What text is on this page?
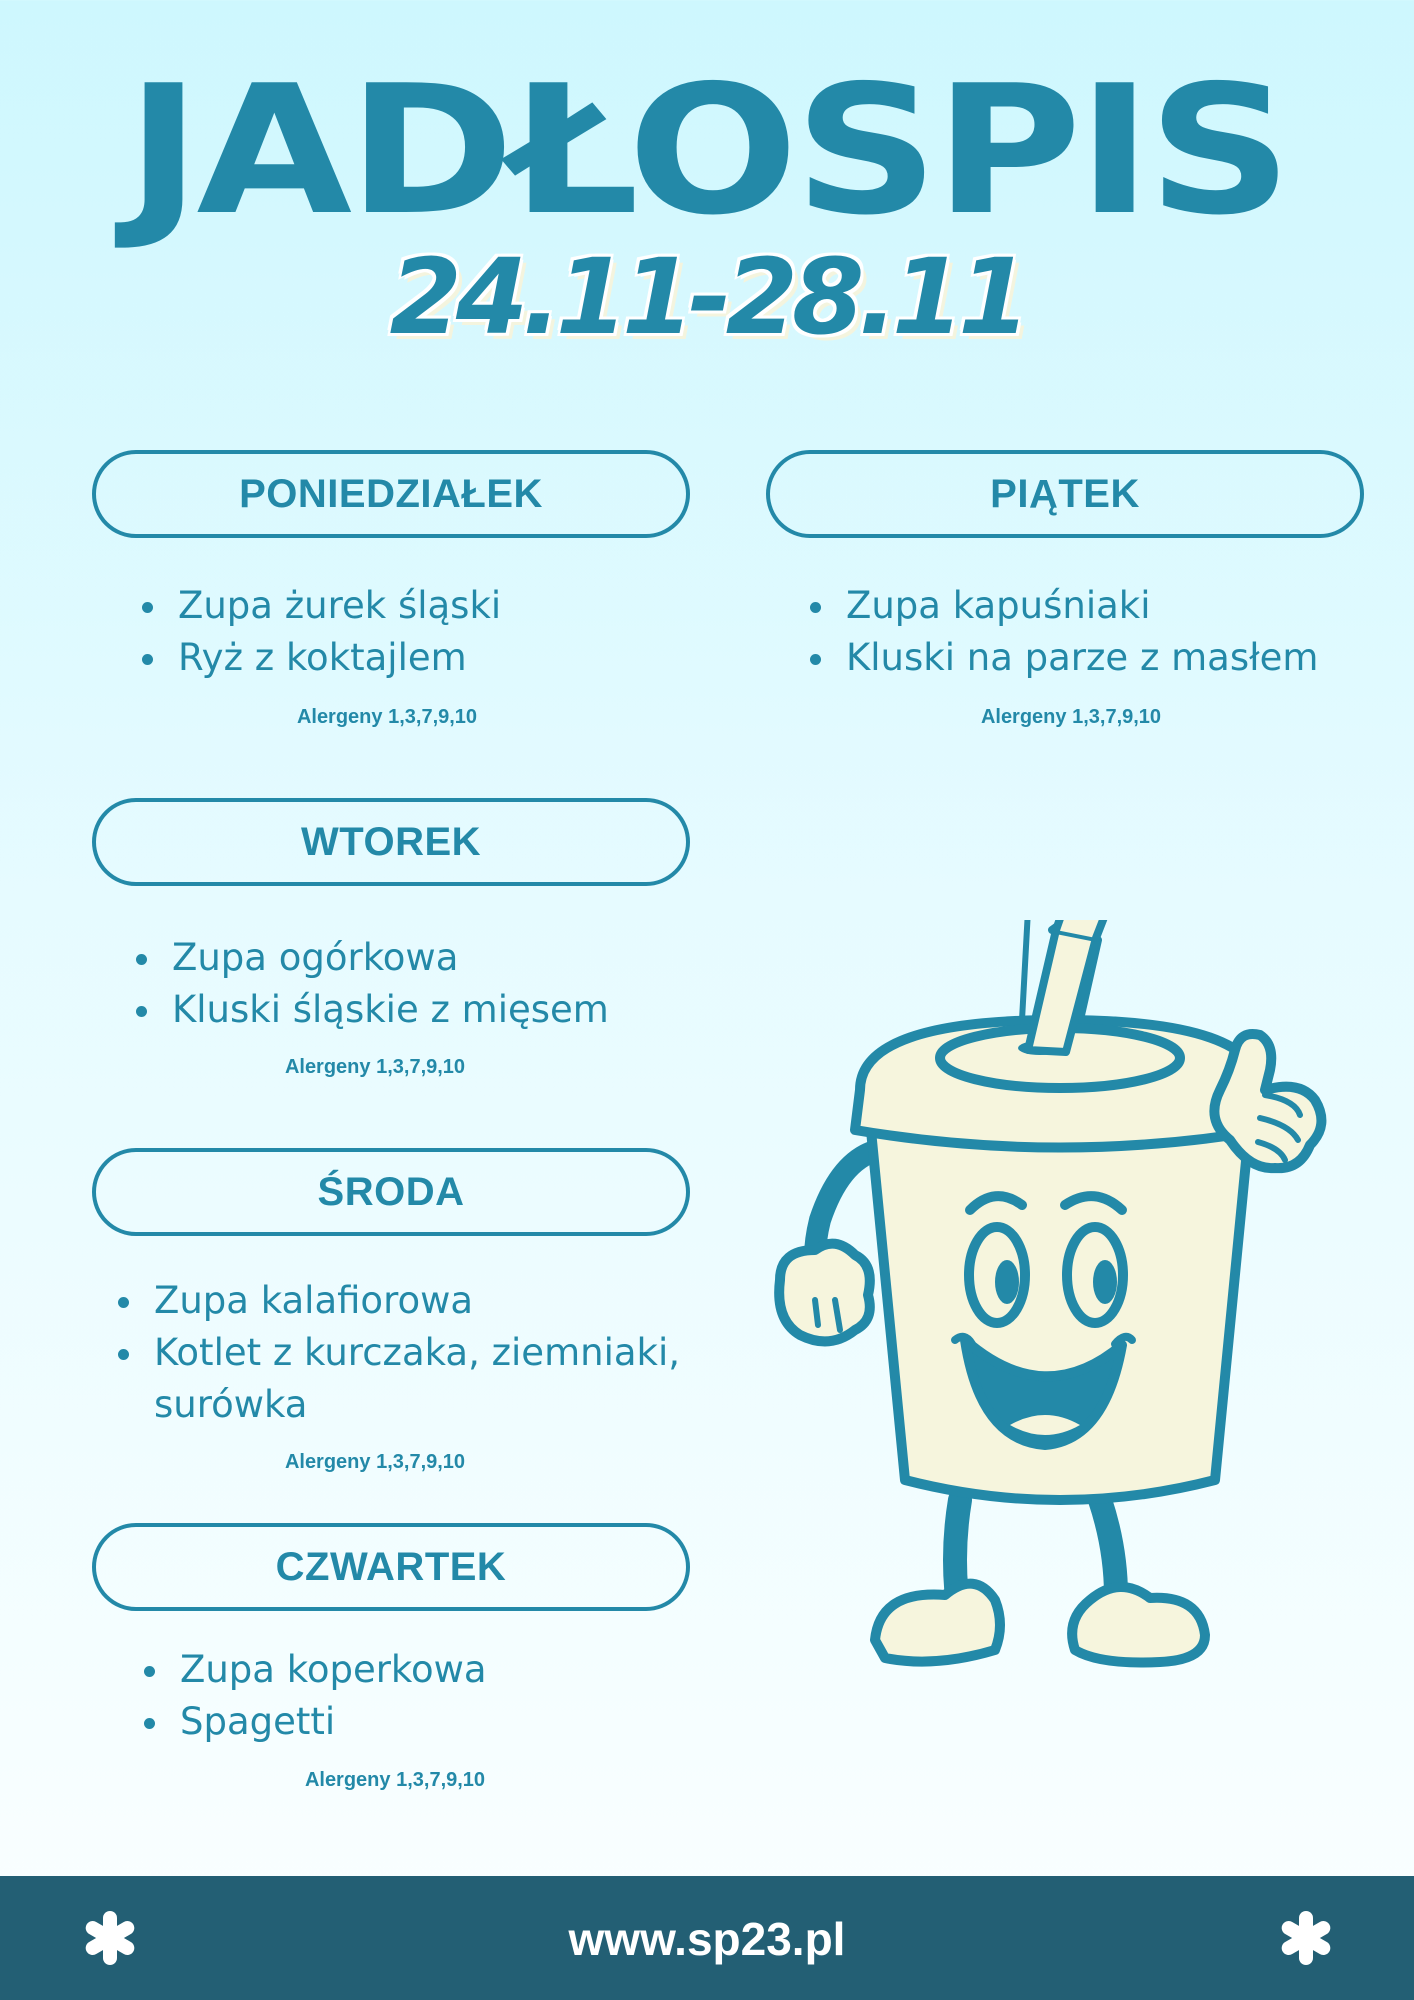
JADŁOSPIS
24.11-28.11
PONIEDZIAŁEK
Zupa żurek śląski
Ryż z koktajlem
Alergeny 1,3,7,9,10
WTOREK
Zupa ogórkowa
Kluski śląskie z mięsem
Alergeny 1,3,7,9,10
ŚRODA
Zupa kalafiorowa
Kotlet z kurczaka, ziemniaki, surówka
Alergeny 1,3,7,9,10
CZWARTEK
Zupa koperkowa
Spagetti
Alergeny 1,3,7,9,10
PIĄTEK
Zupa kapuśniaki
Kluski na parze z masłem
Alergeny 1,3,7,9,10
www.sp23.pl
